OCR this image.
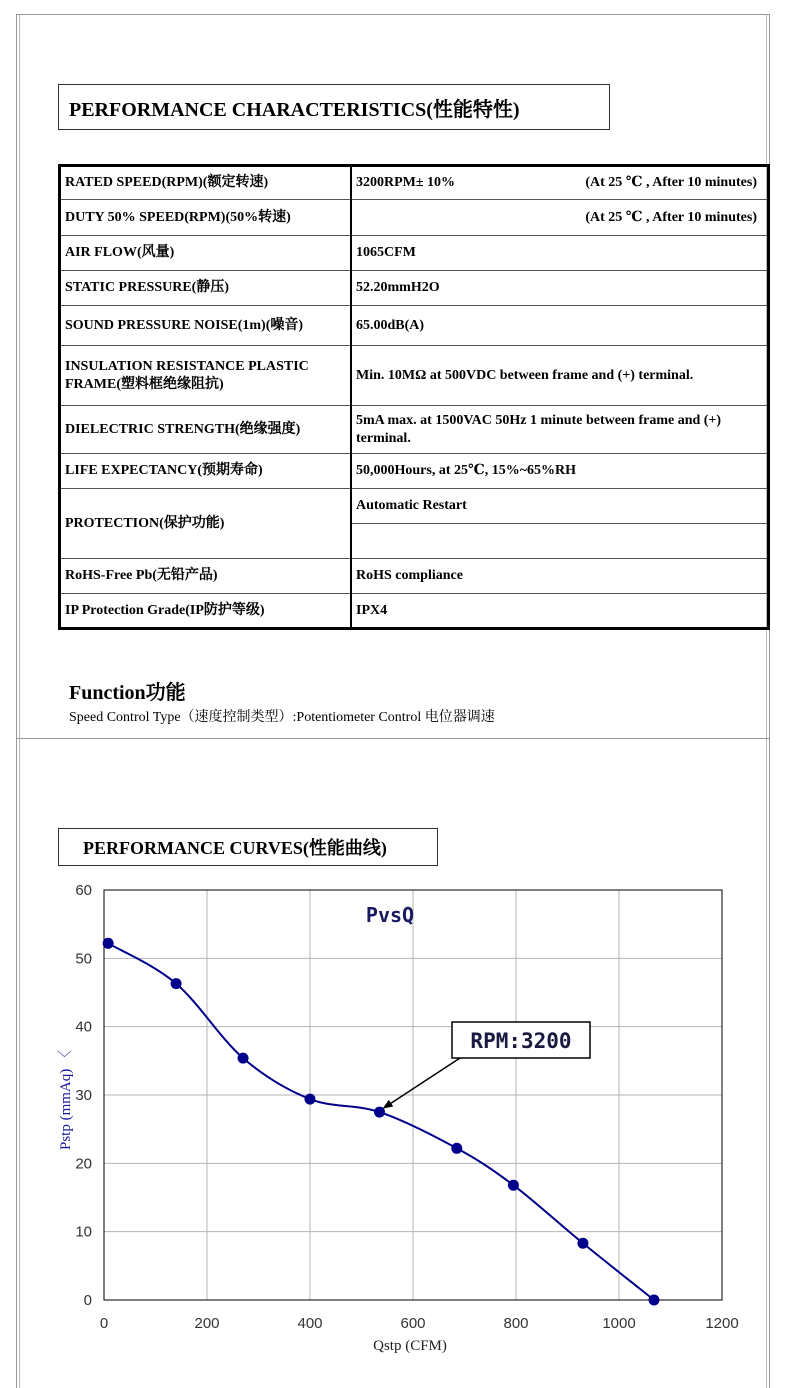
PERFORMANCE CHARACTERISTICS(性能特性)
RATED SPEED(RPM)(额定转速)	3200RPM± 10% (At 25 ℃ , After 10 minutes)

DUTY 50% SPEED(RPM)(50%转速)	(At 25 ℃ , After 10 minutes)

AIR FLOW(风量)	1065CFM
STATIC PRESSURE(静压)	52.20mmH2O
SOUND PRESSURE NOISE(1m)(噪音)	65.00dB(A)
INSULATION RESISTANCE PLASTIC FRAME(塑料框绝缘阻抗)	Min. 10MΩ at 500VDC between frame and (+) terminal.
DIELECTRIC STRENGTH(绝缘强度)	5mA max. at 1500VAC 50Hz 1 minute between frame and (+) terminal.
LIFE EXPECTANCY(预期寿命)	50,000Hours, at 25℃, 15%~65%RH
PROTECTION(保护功能)	Automatic Restart

RoHS-Free Pb(无铅产品)	RoHS compliance
IP Protection Grade(IP防护等级)	IPX4
Function功能
Speed Control Type（速度控制类型）:Potentiometer Control 电位器调速
PERFORMANCE CURVES(性能曲线)
0	200	400	600	800	1000	1200
0
10
20
30
40
50
60
PvsQ
Qstp (CFM)
Pstp (mmAq) 〈
RPM:3200
